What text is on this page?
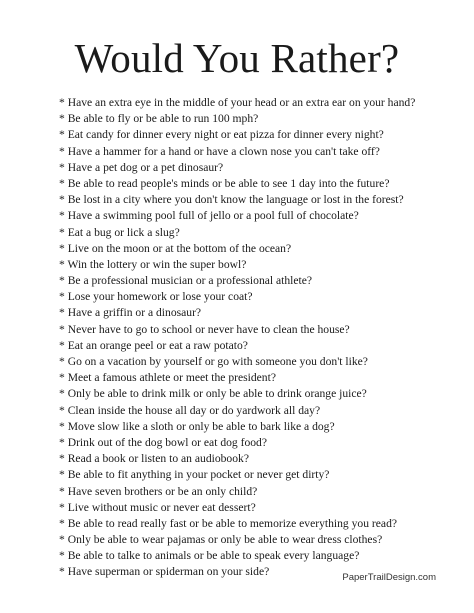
Would You Rather?
* Have an extra eye in the middle of your head or an extra ear on your hand?
* Be able to fly or be able to run 100 mph?
* Eat candy for dinner every night or eat pizza for dinner every night?
* Have a hammer for a hand or have a clown nose you can't take off?
* Have a pet dog or a pet dinosaur?
* Be able to read people's minds or be able to see 1 day into the future?
* Be lost in a city where you don't know the language or lost in the forest?
* Have a swimming pool full of jello or a pool full of chocolate?
* Eat a bug or lick a slug?
* Live on the moon or at the bottom of the ocean?
* Win the lottery or win the super bowl?
* Be a professional musician or a professional athlete?
* Lose your homework or lose your coat?
* Have a griffin or a dinosaur?
* Never have to go to school or never have to clean the house?
* Eat an orange peel or eat a raw potato?
* Go on a vacation by yourself or go with someone you don't like?
* Meet a famous athlete or meet the president?
* Only be able to drink milk or only be able to drink orange juice?
* Clean inside the house all day or do yardwork all day?
* Move slow like a sloth or only be able to bark like a dog?
* Drink out of the dog bowl or eat dog food?
* Read a book or listen to an audiobook?
* Be able to fit anything in your pocket or never get dirty?
* Have seven brothers or be an only child?
* Live without music or never eat dessert?
* Be able to read really fast or be able to memorize everything you read?
* Only be able to wear pajamas or only be able to wear dress clothes?
* Be able to talke to animals or be able to speak every language?
* Have superman or spiderman on your side?	PaperTrailDesign.com
